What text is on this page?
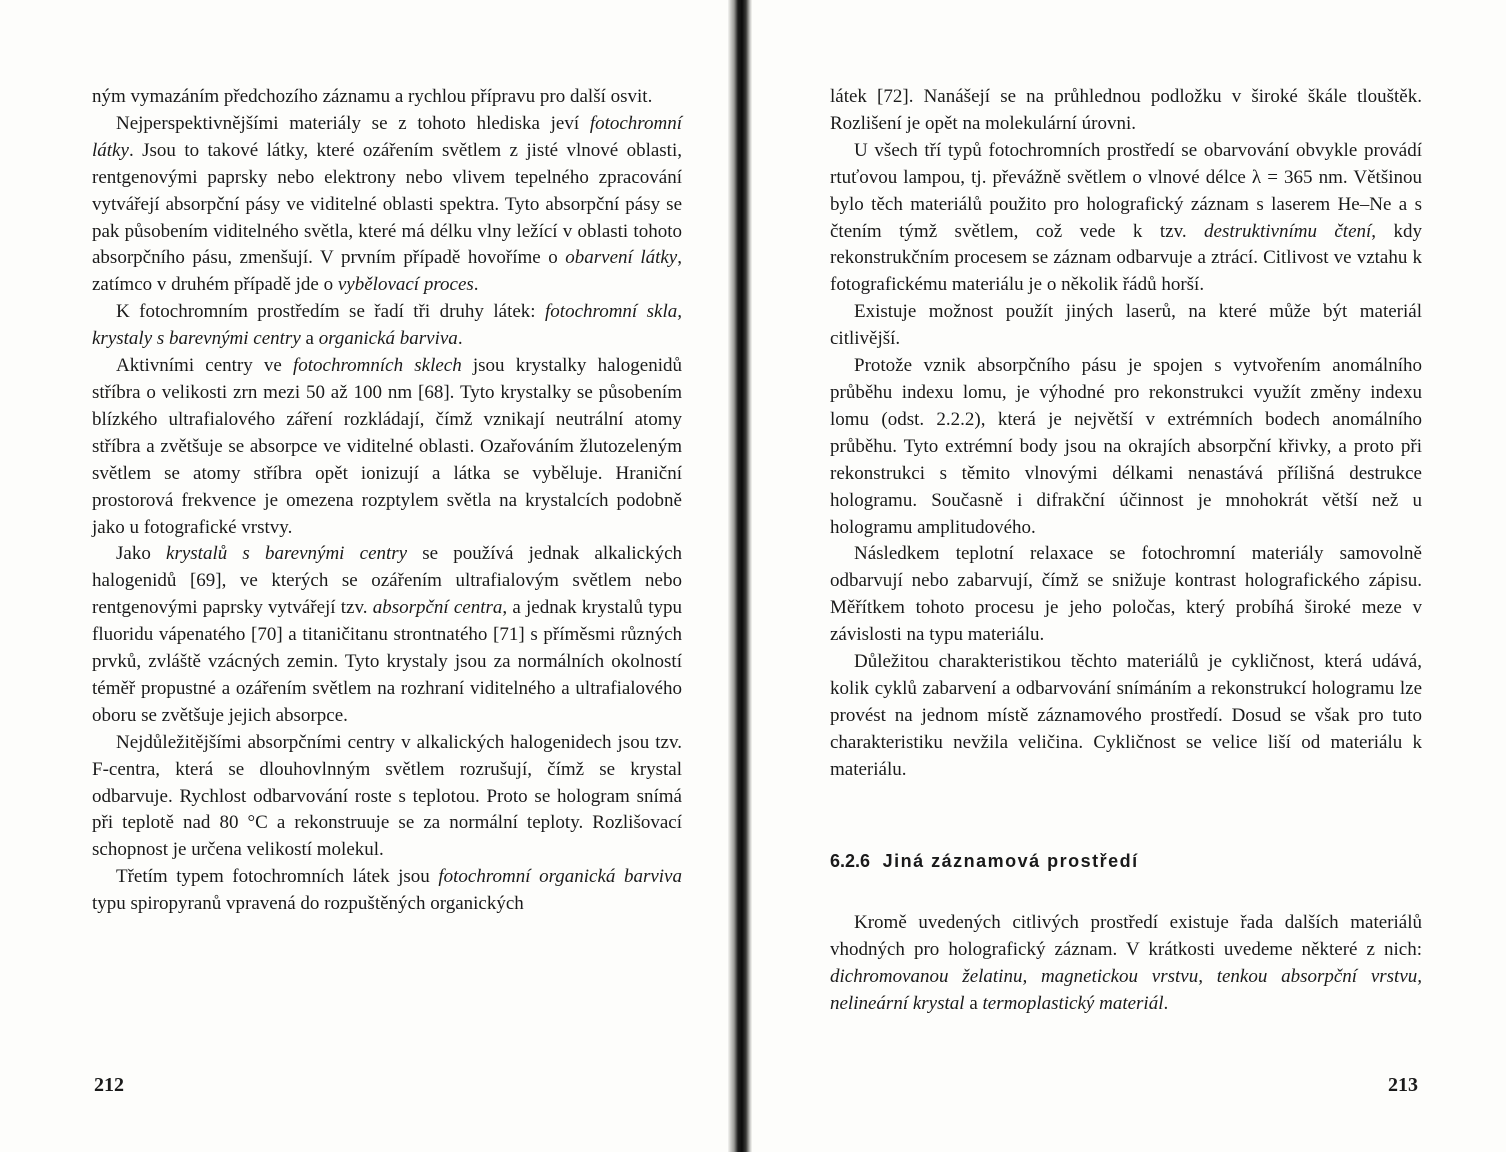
ným vymazáním předchozího záznamu a rychlou přípravu pro další osvit.

Nejperspektivnějšími materiály se z tohoto hlediska jeví fotochromní látky. Jsou to takové látky, které ozářením světlem z jisté vlnové oblasti, rentgenovými paprsky nebo elektrony nebo vlivem tepelného zpracování vytvářejí absorpční pásy ve viditelné oblasti spektra. Tyto absorpční pásy se pak působením viditelného světla, které má délku vlny ležící v oblasti tohoto absorpčního pásu, zmenšují. V prvním případě hovoříme o obarvení látky, zatímco v druhém případě jde o vybělovací proces.

K fotochromním prostředím se řadí tři druhy látek: fotochromní skla, krystaly s barevnými centry a organická barviva.

Aktivními centry ve fotochromních sklech jsou krystalky halogenidů stříbra o velikosti zrn mezi 50 až 100 nm [68]. Tyto krystalky se působením blízkého ultrafialového záření rozkládají, čímž vznikají neutrální atomy stříbra a zvětšuje se absorpce ve viditelné oblasti. Ozařováním žlutozeleným světlem se atomy stříbra opět ionizují a látka se vyběluje. Hraniční prostorová frekvence je omezena rozptylem světla na krystalcích podobně jako u fotografické vrstvy.

Jako krystalů s barevnými centry se používá jednak alkalických halogenidů [69], ve kterých se ozářením ultrafialovým světlem nebo rentgenovými paprsky vytvářejí tzv. absorpční centra, a jednak krystalů typu fluoridu vápenatého [70] a titaničitanu strontnatého [71] s příměsmi různých prvků, zvláště vzácných zemin. Tyto krystaly jsou za normálních okolností téměř propustné a ozářením světlem na rozhraní viditelného a ultrafialového oboru se zvětšuje jejich absorpce.

Nejdůležitějšími absorpčními centry v alkalických halogenidech jsou tzv. F-centra, která se dlouhovlnným světlem rozrušují, čímž se krystal odbarvuje. Rychlost odbarvování roste s teplotou. Proto se hologram snímá při teplotě nad 80 °C a rekonstruuje se za normální teploty. Rozlišovací schopnost je určena velikostí molekul.

Třetím typem fotochromních látek jsou fotochromní organická barviva typu spiropyranů vpravená do rozpuštěných organických

212

látek [72]. Nanášejí se na průhlednou podložku v široké škále tlouštěk. Rozlišení je opět na molekulární úrovni.

U všech tří typů fotochromních prostředí se obarvování obvykle provádí rtuťovou lampou, tj. převážně světlem o vlnové délce λ = 365 nm. Většinou bylo těch materiálů použito pro holografický záznam s laserem He–Ne a s čtením týmž světlem, což vede k tzv. destruktivnímu čtení, kdy rekonstrukčním procesem se záznam odbarvuje a ztrácí. Citlivost ve vztahu k fotografickému materiálu je o několik řádů horší.

Existuje možnost použít jiných laserů, na které může být materiál citlivější.

Protože vznik absorpčního pásu je spojen s vytvořením anomálního průběhu indexu lomu, je výhodné pro rekonstrukci využít změny indexu lomu (odst. 2.2.2), která je největší v extrémních bodech anomálního průběhu. Tyto extrémní body jsou na okrajích absorpční křivky, a proto při rekonstrukci s těmito vlnovými délkami nenastává přílišná destrukce hologramu. Současně i difrakční účinnost je mnohokrát větší než u hologramu amplitudového.

Následkem teplotní relaxace se fotochromní materiály samovolně odbarvují nebo zabarvují, čímž se snižuje kontrast holografického zápisu. Měřítkem tohoto procesu je jeho poločas, který probíhá široké meze v závislosti na typu materiálu.

Důležitou charakteristikou těchto materiálů je cykličnost, která udává, kolik cyklů zabarvení a odbarvování snímáním a rekonstrukcí hologramu lze provést na jednom místě záznamového prostředí. Dosud se však pro tuto charakteristiku nevžila veličina. Cykličnost se velice liší od materiálu k materiálu.

6.2.6 Jiná záznamová prostředí

Kromě uvedených citlivých prostředí existuje řada dalších materiálů vhodných pro holografický záznam. V krátkosti uvedeme některé z nich: dichromovanou želatinu, magnetickou vrstvu, tenkou absorpční vrstvu, nelineární krystal a termoplastický materiál.

213
